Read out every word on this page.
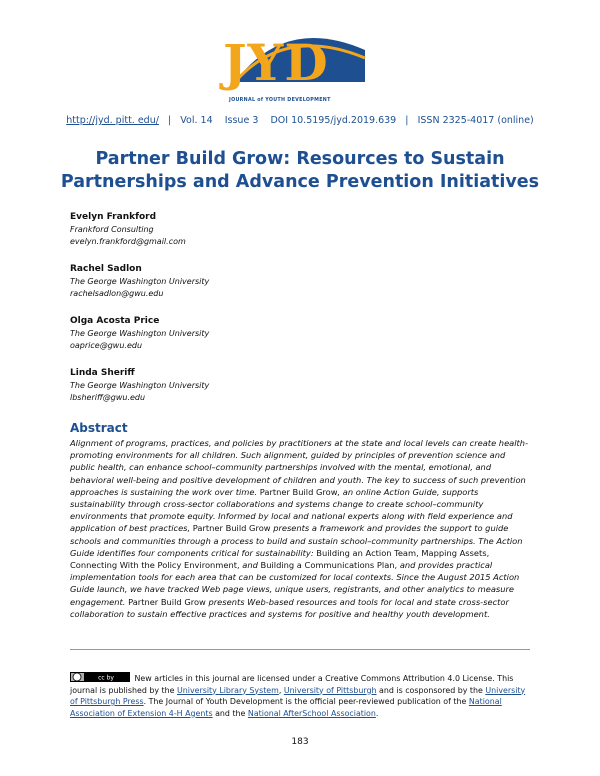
JYD
JOURNAL of YOUTH DEVELOPMENT
http://jyd. pitt. edu/   |   Vol. 14 Issue 3 DOI 10.5195/jyd.2019.639   |   ISSN 2325-4017 (online)
Partner Build Grow: Resources to Sustain Partnerships and Advance Prevention Initiatives
Evelyn Frankford
Frankford Consulting
evelyn.frankford@gmail.com
Rachel Sadlon
The George Washington University
rachelsadlon@gwu.edu
Olga Acosta Price
The George Washington University
oaprice@gwu.edu
Linda Sheriff
The George Washington University
lbsheriff@gwu.edu
Abstract
Alignment of programs, practices, and policies by practitioners at the state and local levels can create health-promoting environments for all children. Such alignment, guided by principles of prevention science and public health, can enhance school–community partnerships involved with the mental, emotional, and behavioral well-being and positive development of children and youth. The key to success of such prevention approaches is sustaining the work over time. Partner Build Grow, an online Action Guide, supports sustainability through cross-sector collaborations and systems change to create school–community environments that promote equity. Informed by local and national experts along with field experience and application of best practices, Partner Build Grow presents a framework and provides the support to guide schools and communities through a process to build and sustain school–community partnerships. The Action Guide identifies four components critical for sustainability: Building an Action Team, Mapping Assets, Connecting With the Policy Environment, and Building a Communications Plan, and provides practical implementation tools for each area that can be customized for local contexts. Since the August 2015 Action Guide launch, we have tracked Web page views, unique users, registrants, and other analytics to measure engagement. Partner Build Grow presents Web-based resources and tools for local and state cross-sector collaboration to sustain effective practices and systems for positive and healthy youth development.
cc by	New articles in this journal are licensed under a Creative Commons Attribution 4.0 License. This journal is published by the University Library System, University of Pittsburgh and is cosponsored by the University of Pittsburgh Press. The Journal of Youth Development is the official peer-reviewed publication of the National Association of Extension 4-H Agents and the National AfterSchool Association.
183
